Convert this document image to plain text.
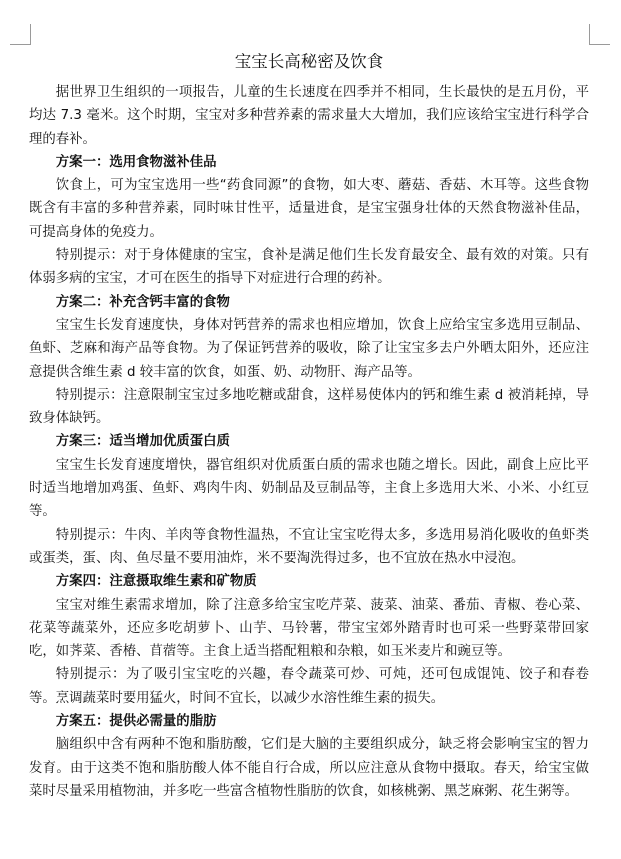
宝宝长高秘密及饮食

据世界卫生组织的一项报告，儿童的生长速度在四季并不相同，生长最快的是五月份，平均达 7.3 毫米。这个时期，宝宝对多种营养素的需求量大大增加，我们应该给宝宝进行科学合理的春补。

方案一：选用食物滋补佳品

饮食上，可为宝宝选用一些“药食同源”的食物，如大枣、蘑菇、香菇、木耳等。这些食物既含有丰富的多种营养素，同时味甘性平，适量进食，是宝宝强身壮体的天然食物滋补佳品，可提高身体的免疫力。

特别提示：对于身体健康的宝宝，食补是满足他们生长发育最安全、最有效的对策。只有体弱多病的宝宝，才可在医生的指导下对症进行合理的药补。

方案二：补充含钙丰富的食物

宝宝生长发育速度快，身体对钙营养的需求也相应增加，饮食上应给宝宝多选用豆制品、鱼虾、芝麻和海产品等食物。为了保证钙营养的吸收，除了让宝宝多去户外晒太阳外，还应注意提供含维生素 d 较丰富的饮食，如蛋、奶、动物肝、海产品等。

特别提示：注意限制宝宝过多地吃糖或甜食，这样易使体内的钙和维生素 d 被消耗掉，导致身体缺钙。

方案三：适当增加优质蛋白质

宝宝生长发育速度增快，器官组织对优质蛋白质的需求也随之增长。因此，副食上应比平时适当地增加鸡蛋、鱼虾、鸡肉牛肉、奶制品及豆制品等，主食上多选用大米、小米、小红豆等。

特别提示：牛肉、羊肉等食物性温热，不宜让宝宝吃得太多，多选用易消化吸收的鱼虾类或蛋类，蛋、肉、鱼尽量不要用油炸，米不要淘洗得过多，也不宜放在热水中浸泡。

方案四：注意摄取维生素和矿物质

宝宝对维生素需求增加，除了注意多给宝宝吃芹菜、菠菜、油菜、番茄、青椒、卷心菜、花菜等蔬菜外，还应多吃胡萝卜、山芋、马铃薯，带宝宝郊外踏青时也可采一些野菜带回家吃，如荠菜、香椿、苜蓿等。主食上适当搭配粗粮和杂粮，如玉米麦片和豌豆等。

特别提示：为了吸引宝宝吃的兴趣，春令蔬菜可炒、可炖，还可包成馄饨、饺子和春卷等。烹调蔬菜时要用猛火，时间不宜长，以减少水溶性维生素的损失。

方案五：提供必需量的脂肪

脑组织中含有两种不饱和脂肪酸，它们是大脑的主要组织成分，缺乏将会影响宝宝的智力发育。由于这类不饱和脂肪酸人体不能自行合成，所以应注意从食物中摄取。春天，给宝宝做菜时尽量采用植物油，并多吃一些富含植物性脂肪的饮食，如核桃粥、黑芝麻粥、花生粥等。
